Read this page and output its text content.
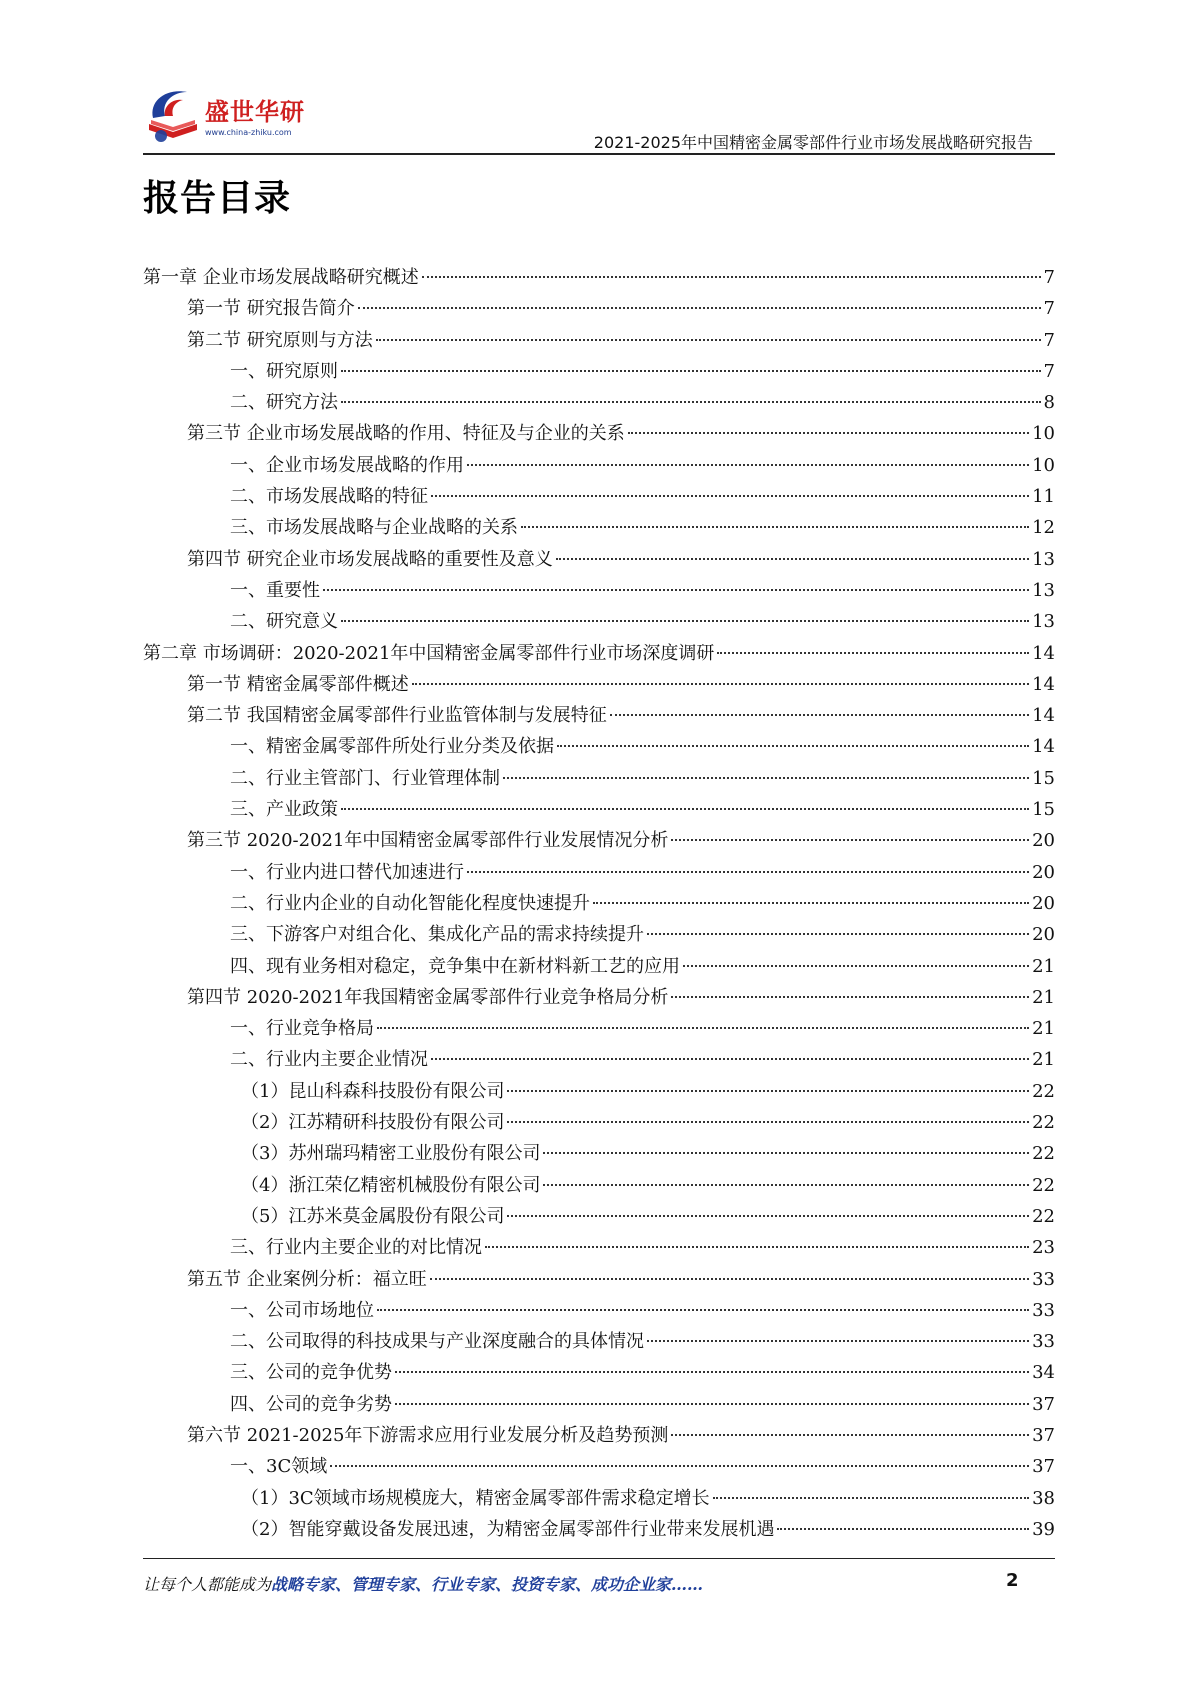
盛世华研
www.china-zhiku.com
2021-2025年中国精密金属零部件行业市场发展战略研究报告
报告目录
第一章 企业市场发展战略研究概述	7
第一节 研究报告简介	7
第二节 研究原则与方法	7
一、研究原则	7
二、研究方法	8
第三节 企业市场发展战略的作用、特征及与企业的关系	10
一、企业市场发展战略的作用	10
二、市场发展战略的特征	11
三、市场发展战略与企业战略的关系	12
第四节 研究企业市场发展战略的重要性及意义	13
一、重要性	13
二、研究意义	13
第二章 市场调研：2020-2021年中国精密金属零部件行业市场深度调研	14
第一节 精密金属零部件概述	14
第二节 我国精密金属零部件行业监管体制与发展特征	14
一、精密金属零部件所处行业分类及依据	14
二、行业主管部门、行业管理体制	15
三、产业政策	15
第三节 2020-2021年中国精密金属零部件行业发展情况分析	20
一、行业内进口替代加速进行	20
二、行业内企业的自动化智能化程度快速提升	20
三、下游客户对组合化、集成化产品的需求持续提升	20
四、现有业务相对稳定，竞争集中在新材料新工艺的应用	21
第四节 2020-2021年我国精密金属零部件行业竞争格局分析	21
一、行业竞争格局	21
二、行业内主要企业情况	21
（1）昆山科森科技股份有限公司	22
（2）江苏精研科技股份有限公司	22
（3）苏州瑞玛精密工业股份有限公司	22
（4）浙江荣亿精密机械股份有限公司	22
（5）江苏米莫金属股份有限公司	22
三、行业内主要企业的对比情况	23
第五节 企业案例分析：福立旺	33
一、公司市场地位	33
二、公司取得的科技成果与产业深度融合的具体情况	33
三、公司的竞争优势	34
四、公司的竞争劣势	37
第六节 2021-2025年下游需求应用行业发展分析及趋势预测	37
一、3C领域	37
（1）3C领域市场规模庞大，精密金属零部件需求稳定增长	38
（2）智能穿戴设备发展迅速，为精密金属零部件行业带来发展机遇	39
让每个人都能成为战略专家、管理专家、行业专家、投资专家、成功企业家……	2
